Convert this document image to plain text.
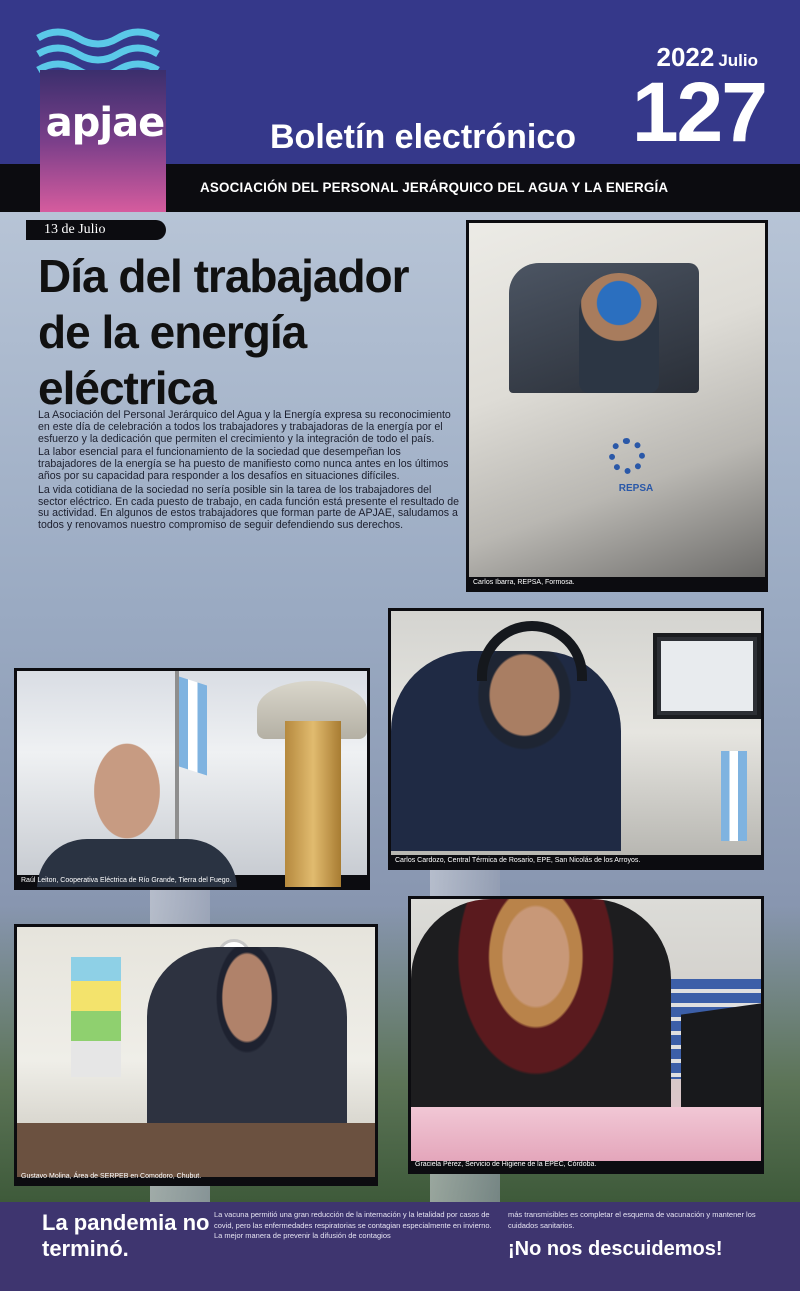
apjae
2022 Julio
127
Boletín electrónico
ASOCIACIÓN DEL PERSONAL JERÁRQUICO DEL AGUA Y LA ENERGÍA
13 de Julio
Día del trabajador de la energía eléctrica

La Asociación del Personal Jerárquico del Agua y la Energía expresa su reconocimiento en este día de celebración a todos los trabajadores y trabajadoras de la energía por el esfuerzo y la dedicación que permiten el crecimiento y la integración de todo el país.

La labor esencial para el funcionamiento de la sociedad que desempeñan los trabajadores de la energía se ha puesto de manifiesto como nunca antes en los últimos años por su capacidad para responder a los desafíos en situaciones difíciles.

La vida cotidiana de la sociedad no sería posible sin la tarea de los trabajadores del sector eléctrico. En cada puesto de trabajo, en cada función está presente el resultado de su actividad. En algunos de estos trabajadores que forman parte de APJAE, saludamos a todos y renovamos nuestro compromiso de seguir defendiendo sus derechos.

REPSA
Carlos Ibarra, REPSA, Formosa.
Raúl Leiton, Cooperativa Eléctrica de Río Grande, Tierra del Fuego.
Carlos Cardozo, Central Térmica de Rosario, EPE, San Nicolás de los Arroyos.
Gustavo Molina, Área de SERPEB en Comodoro, Chubut.
Graciela Pérez, Servicio de Higiene de la EPEC, Córdoba.
La pandemia no terminó.
La vacuna permitió una gran reducción de la internación y la letalidad por casos de covid, pero las enfermedades respiratorias se contagian especialmente en invierno. La mejor manera de prevenir la difusión de contagios
más transmisibles es completar el esquema de vacunación y mantener los cuidados sanitarios.
¡No nos descuidemos!
